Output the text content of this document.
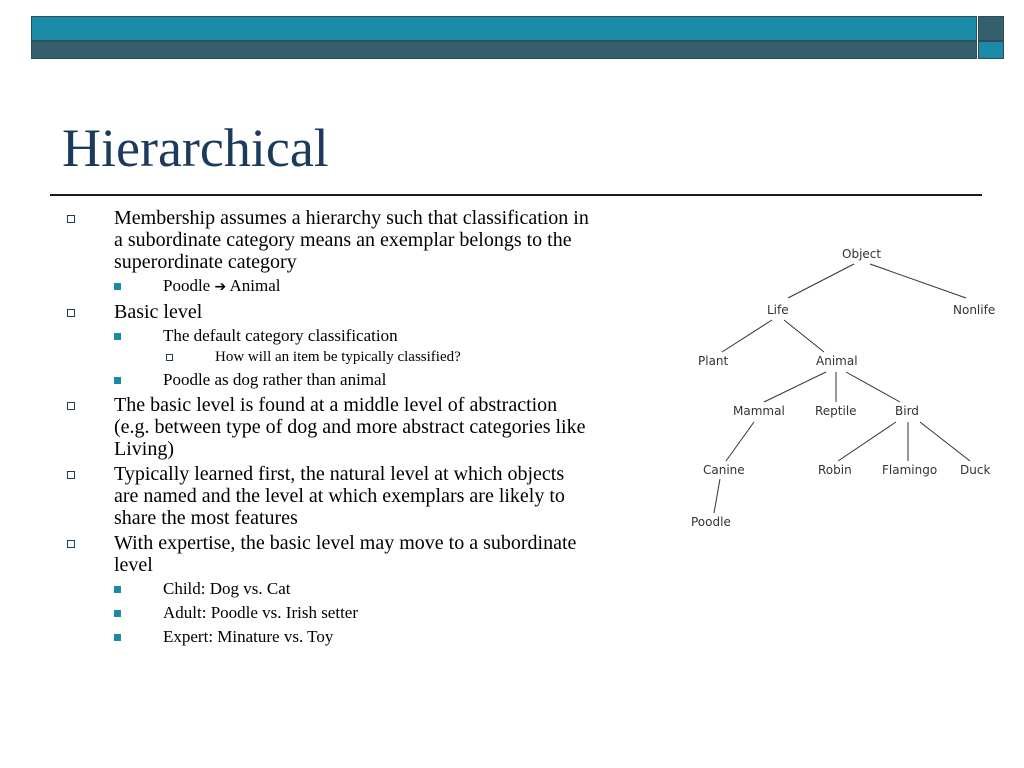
Hierarchical
Membership assumes a hierarchy such that classification in a subordinate category means an exemplar belongs to the superordinate category
Poodle ➔ Animal
Basic level
The default category classification
How will an item be typically classified?
Poodle as dog rather than animal
The basic level is found at a middle level of abstraction (e.g. between type of dog and more abstract categories like Living)
Typically learned first, the natural level at which objects are named and the level at which exemplars are likely to share the most features
With expertise, the basic level may move to a subordinate level
Child: Dog vs. Cat
Adult: Poodle vs. Irish setter
Expert: Minature vs. Toy
Object
Life	Nonlife
Plant	Animal
Mammal	Reptile	Bird
Canine	Robin	Flamingo Duck
Poodle
